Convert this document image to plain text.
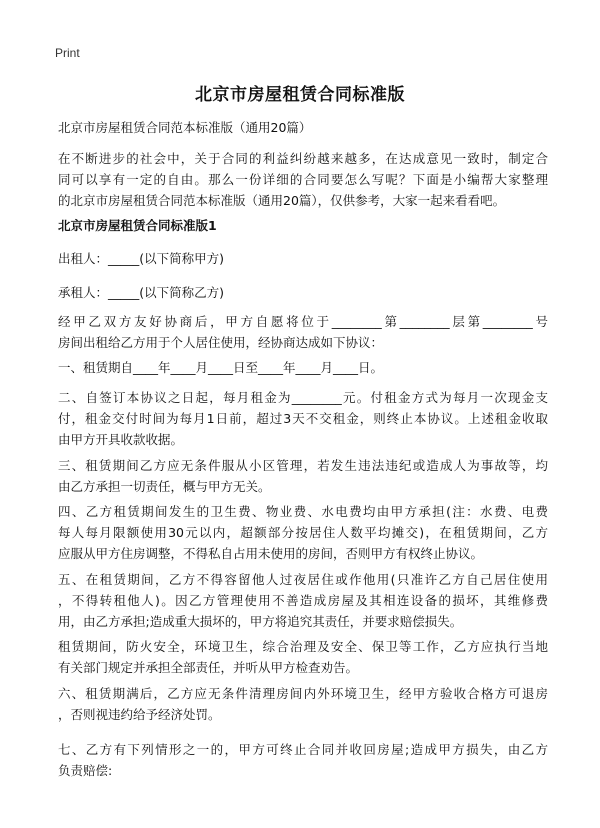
Print
北京市房屋租赁合同标准版
北京市房屋租赁合同范本标准版（通用20篇）
在不断进步的社会中，关于合同的利益纠纷越来越多，在达成意见一致时，制定合
同可以享有一定的自由。那么一份详细的合同要怎么写呢？下面是小编帮大家整理
的北京市房屋租赁合同范本标准版（通用20篇），仅供参考，大家一起来看看吧。
北京市房屋租赁合同标准版1
出租人：_____(以下简称甲方)
承租人：_____(以下简称乙方)
经甲乙双方友好协商后，甲方自愿将位于________第________层第________号
房间出租给乙方用于个人居住使用，经协商达成如下协议：
一、租赁期自____年____月____日至____年____月____日。
二、自签订本协议之日起，每月租金为________元。付租金方式为每月一次现金支
付，租金交付时间为每月1日前，超过3天不交租金，则终止本协议。上述租金收取
由甲方开具收款收据。
三、租赁期间乙方应无条件服从小区管理，若发生违法违纪或造成人为事故等，均
由乙方承担一切责任，概与甲方无关。
四、乙方租赁期间发生的卫生费、物业费、水电费均由甲方承担(注：水费、电费
每人每月限额使用30元以内，超额部分按居住人数平均摊交)，在租赁期间，乙方
应服从甲方住房调整，不得私自占用未使用的房间，否则甲方有权终止协议。
五、在租赁期间，乙方不得容留他人过夜居住或作他用(只准许乙方自己居住使用
，不得转租他人)。因乙方管理使用不善造成房屋及其相连设备的损坏，其维修费
用，由乙方承担;造成重大损坏的，甲方将追究其责任，并要求赔偿损失。
租赁期间，防火安全，环境卫生，综合治理及安全、保卫等工作，乙方应执行当地
有关部门规定并承担全部责任，并听从甲方检查劝告。
六、租赁期满后，乙方应无条件清理房间内外环境卫生，经甲方验收合格方可退房
，否则视违约给予经济处罚。
七、乙方有下列情形之一的，甲方可终止合同并收回房屋;造成甲方损失，由乙方
负责赔偿:
